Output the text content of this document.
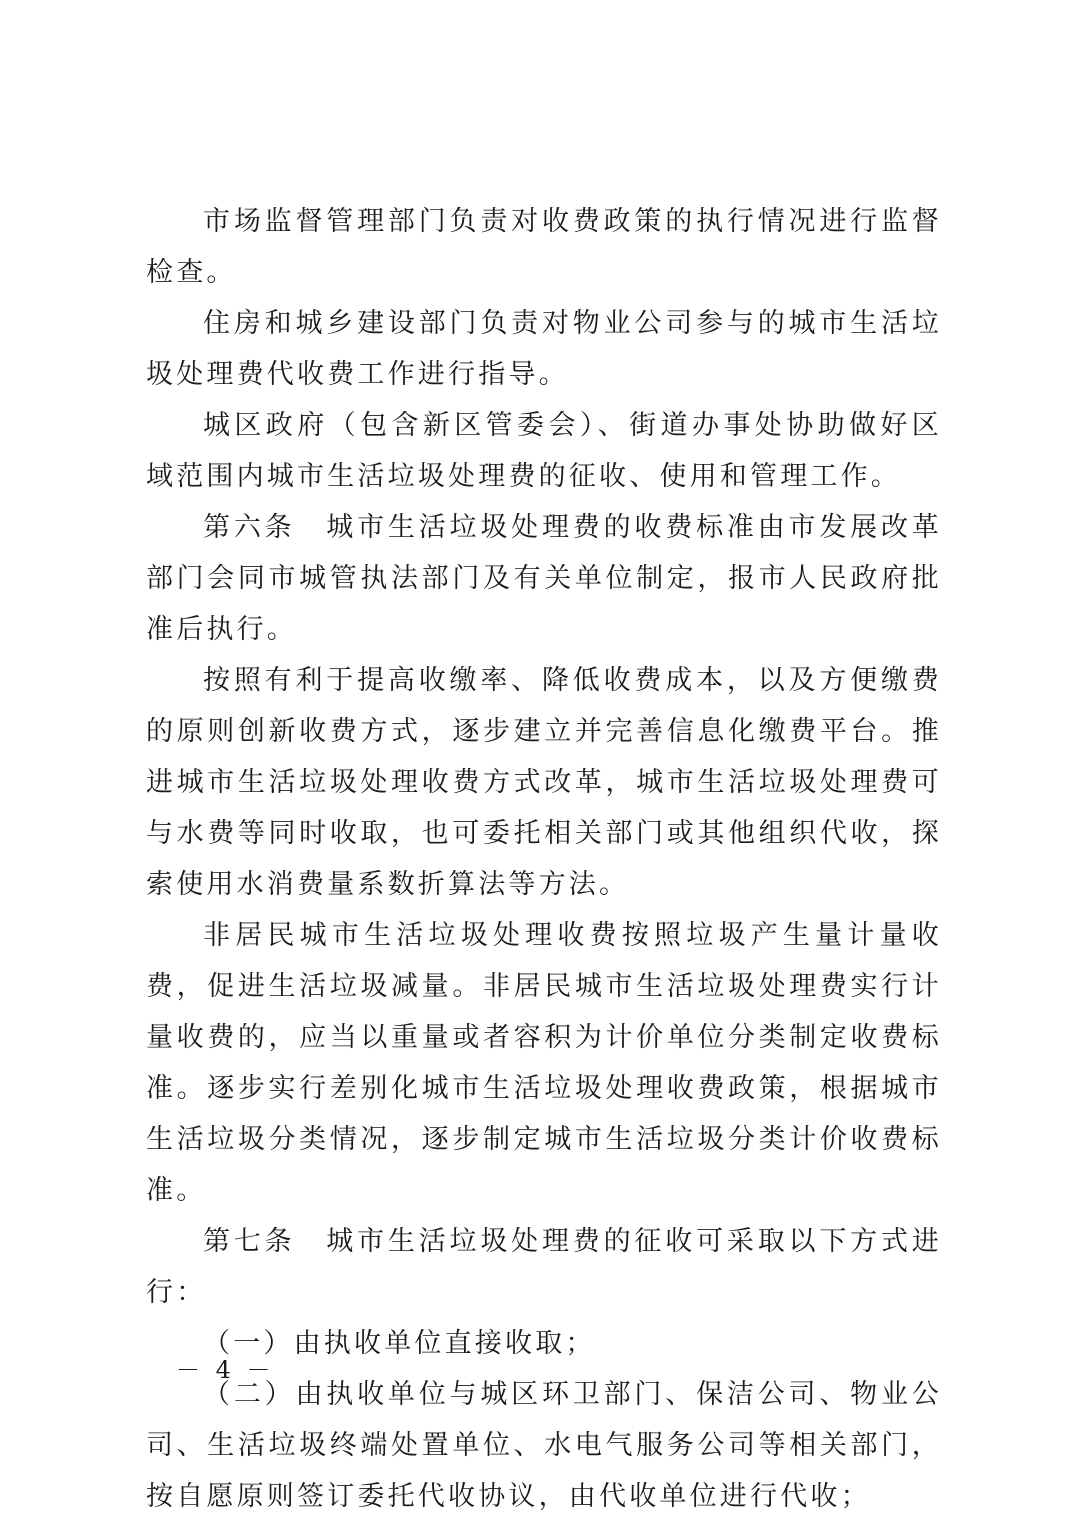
市场监督管理部门负责对收费政策的执行情况进行监督检查。

住房和城乡建设部门负责对物业公司参与的城市生活垃圾处理费代收费工作进行指导。

城区政府（包含新区管委会）、街道办事处协助做好区域范围内城市生活垃圾处理费的征收、使用和管理工作。

第六条　城市生活垃圾处理费的收费标准由市发展改革部门会同市城管执法部门及有关单位制定，报市人民政府批准后执行。

按照有利于提高收缴率、降低收费成本，以及方便缴费的原则创新收费方式，逐步建立并完善信息化缴费平台。推进城市生活垃圾处理收费方式改革，城市生活垃圾处理费可与水费等同时收取，也可委托相关部门或其他组织代收，探索使用水消费量系数折算法等方法。

非居民城市生活垃圾处理收费按照垃圾产生量计量收费，促进生活垃圾减量。非居民城市生活垃圾处理费实行计量收费的，应当以重量或者容积为计价单位分类制定收费标准。逐步实行差别化城市生活垃圾处理收费政策，根据城市生活垃圾分类情况，逐步制定城市生活垃圾分类计价收费标准。

第七条　城市生活垃圾处理费的征收可采取以下方式进行：

（一）由执收单位直接收取；

（二）由执收单位与城区环卫部门、保洁公司、物业公司、生活垃圾终端处置单位、水电气服务公司等相关部门，按自愿原则签订委托代收协议，由代收单位进行代收；

－ 4 －
